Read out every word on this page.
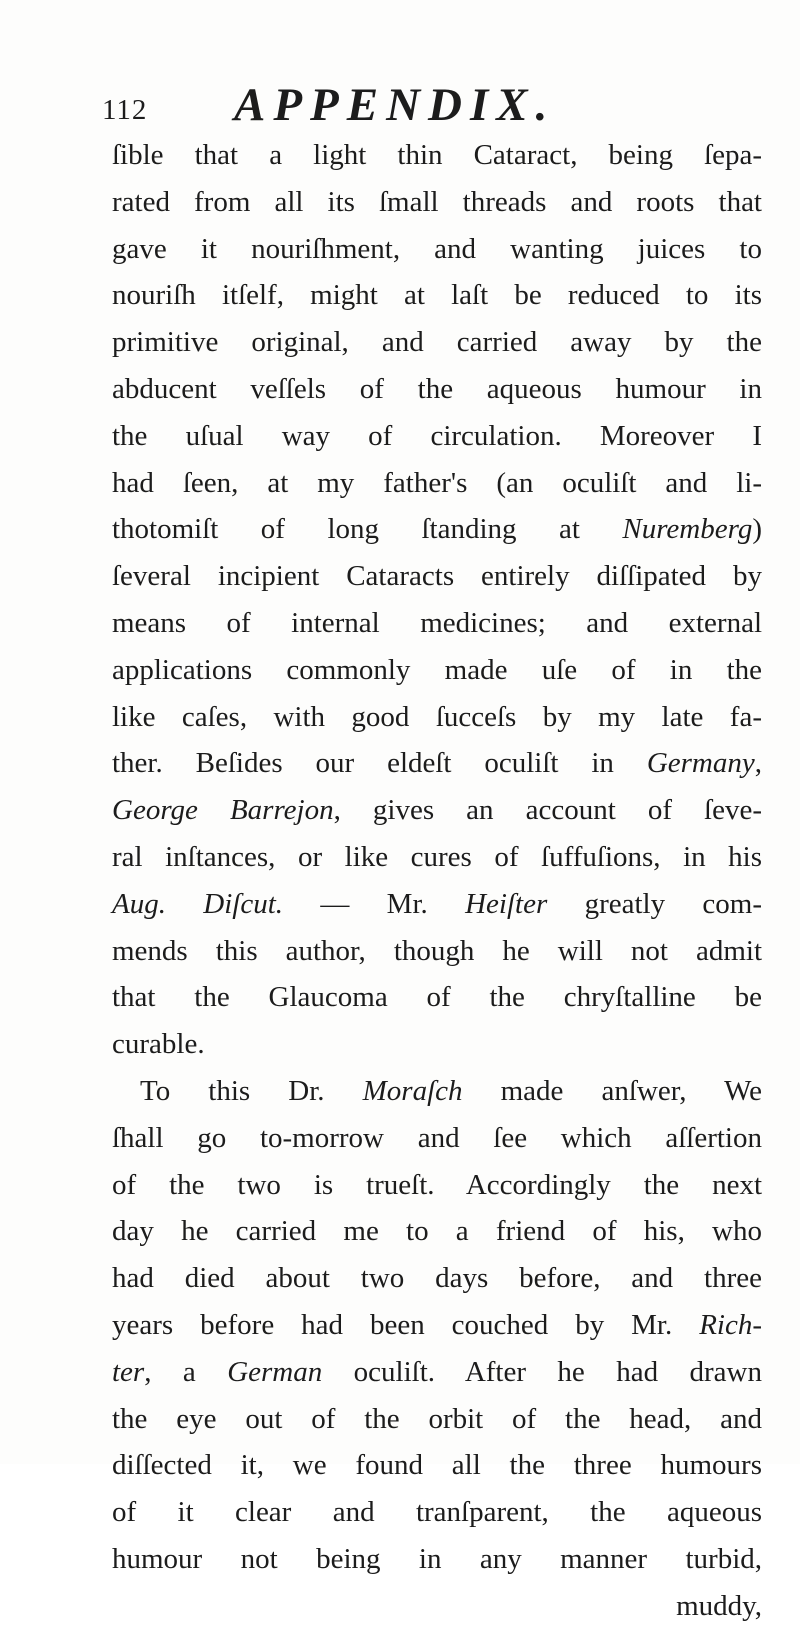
112 APPENDIX.
ſible that a light thin Cataract, being ſepa-
rated from all its ſmall threads and roots that
gave it nouriſhment, and wanting juices to
nouriſh itſelf, might at laſt be reduced to its
primitive original, and carried away by the
abducent veſſels of the aqueous humour in
the uſual way of circulation. Moreover I
had ſeen, at my father's (an oculiſt and li-
thotomiſt of long ſtanding at Nuremberg)
ſeveral incipient Cataracts entirely diſſipated by
means of internal medicines; and external
applications commonly made uſe of in the
like caſes, with good ſucceſs by my late fa-
ther. Beſides our eldeſt oculiſt in Germany,
George Barrejon, gives an account of ſeve-
ral inſtances, or like cures of ſuffuſions, in his
Aug. Diſcut. — Mr. Heiſter greatly com-
mends this author, though he will not admit
that the Glaucoma of the chryſtalline be
curable.
To this Dr. Moraſch made anſwer, We
ſhall go to-morrow and ſee which aſſertion
of the two is trueſt. Accordingly the next
day he carried me to a friend of his, who
had died about two days before, and three
years before had been couched by Mr. Rich-
ter, a German oculiſt. After he had drawn
the eye out of the orbit of the head, and
diſſected it, we found all the three humours
of it clear and tranſparent, the aqueous
humour not being in any manner turbid,
muddy,
